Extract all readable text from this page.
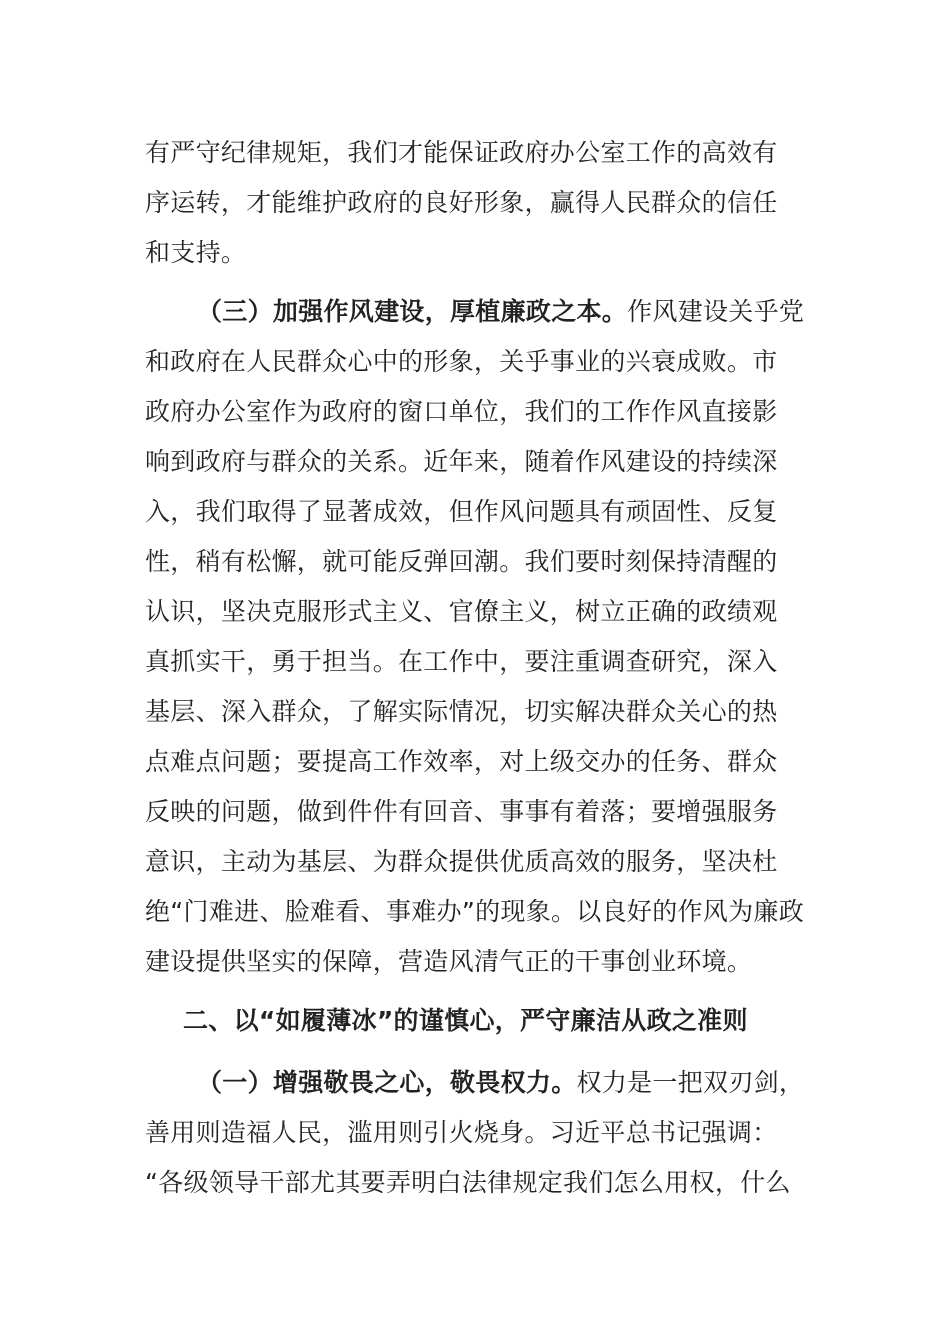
有严守纪律规矩，我们才能保证政府办公室工作的高效有
序运转，才能维护政府的良好形象，赢得人民群众的信任
和支持。
（三）加强作风建设，厚植廉政之本。作风建设关乎党
和政府在人民群众心中的形象，关乎事业的兴衰成败。市
政府办公室作为政府的窗口单位，我们的工作作风直接影
响到政府与群众的关系。近年来，随着作风建设的持续深
入，我们取得了显著成效，但作风问题具有顽固性、反复
性，稍有松懈，就可能反弹回潮。我们要时刻保持清醒的
认识，坚决克服形式主义、官僚主义，树立正确的政绩观
真抓实干，勇于担当。在工作中，要注重调查研究，深入
基层、深入群众，了解实际情况，切实解决群众关心的热
点难点问题；要提高工作效率，对上级交办的任务、群众
反映的问题，做到件件有回音、事事有着落；要增强服务
意识，主动为基层、为群众提供优质高效的服务，坚决杜
绝“门难进、脸难看、事难办”的现象。以良好的作风为廉政
建设提供坚实的保障，营造风清气正的干事创业环境。
二、以“如履薄冰”的谨慎心，严守廉洁从政之准则
（一）增强敬畏之心，敬畏权力。权力是一把双刃剑，
善用则造福人民，滥用则引火烧身。习近平总书记强调：
“各级领导干部尤其要弄明白法律规定我们怎么用权，什么
